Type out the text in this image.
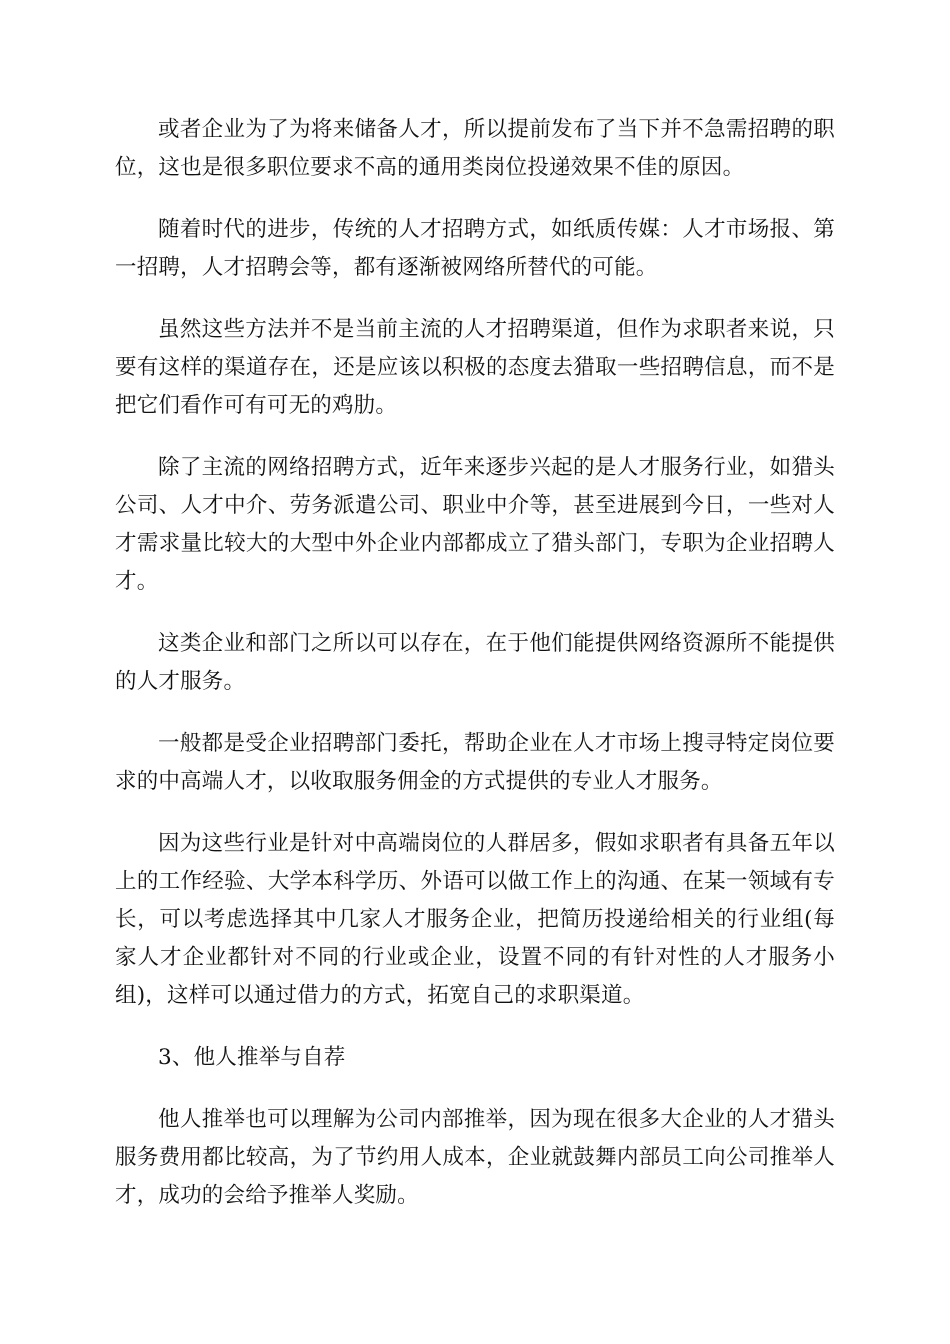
或者企业为了为将来储备人才，所以提前发布了当下并不急需招聘的职位，这也是很多职位要求不高的通用类岗位投递效果不佳的原因。

随着时代的进步，传统的人才招聘方式，如纸质传媒：人才市场报、第一招聘，人才招聘会等，都有逐渐被网络所替代的可能。

虽然这些方法并不是当前主流的人才招聘渠道，但作为求职者来说，只要有这样的渠道存在，还是应该以积极的态度去猎取一些招聘信息，而不是把它们看作可有可无的鸡肋。

除了主流的网络招聘方式，近年来逐步兴起的是人才服务行业，如猎头公司、人才中介、劳务派遣公司、职业中介等，甚至进展到今日，一些对人才需求量比较大的大型中外企业内部都成立了猎头部门，专职为企业招聘人才。

这类企业和部门之所以可以存在，在于他们能提供网络资源所不能提供的人才服务。

一般都是受企业招聘部门委托，帮助企业在人才市场上搜寻特定岗位要求的中高端人才，以收取服务佣金的方式提供的专业人才服务。

因为这些行业是针对中高端岗位的人群居多，假如求职者有具备五年以上的工作经验、大学本科学历、外语可以做工作上的沟通、在某一领域有专长，可以考虑选择其中几家人才服务企业，把简历投递给相关的行业组(每家人才企业都针对不同的行业或企业，设置不同的有针对性的人才服务小组)，这样可以通过借力的方式，拓宽自己的求职渠道。

3、他人推举与自荐

他人推举也可以理解为公司内部推举，因为现在很多大企业的人才猎头服务费用都比较高，为了节约用人成本，企业就鼓舞内部员工向公司推举人才，成功的会给予推举人奖励。
